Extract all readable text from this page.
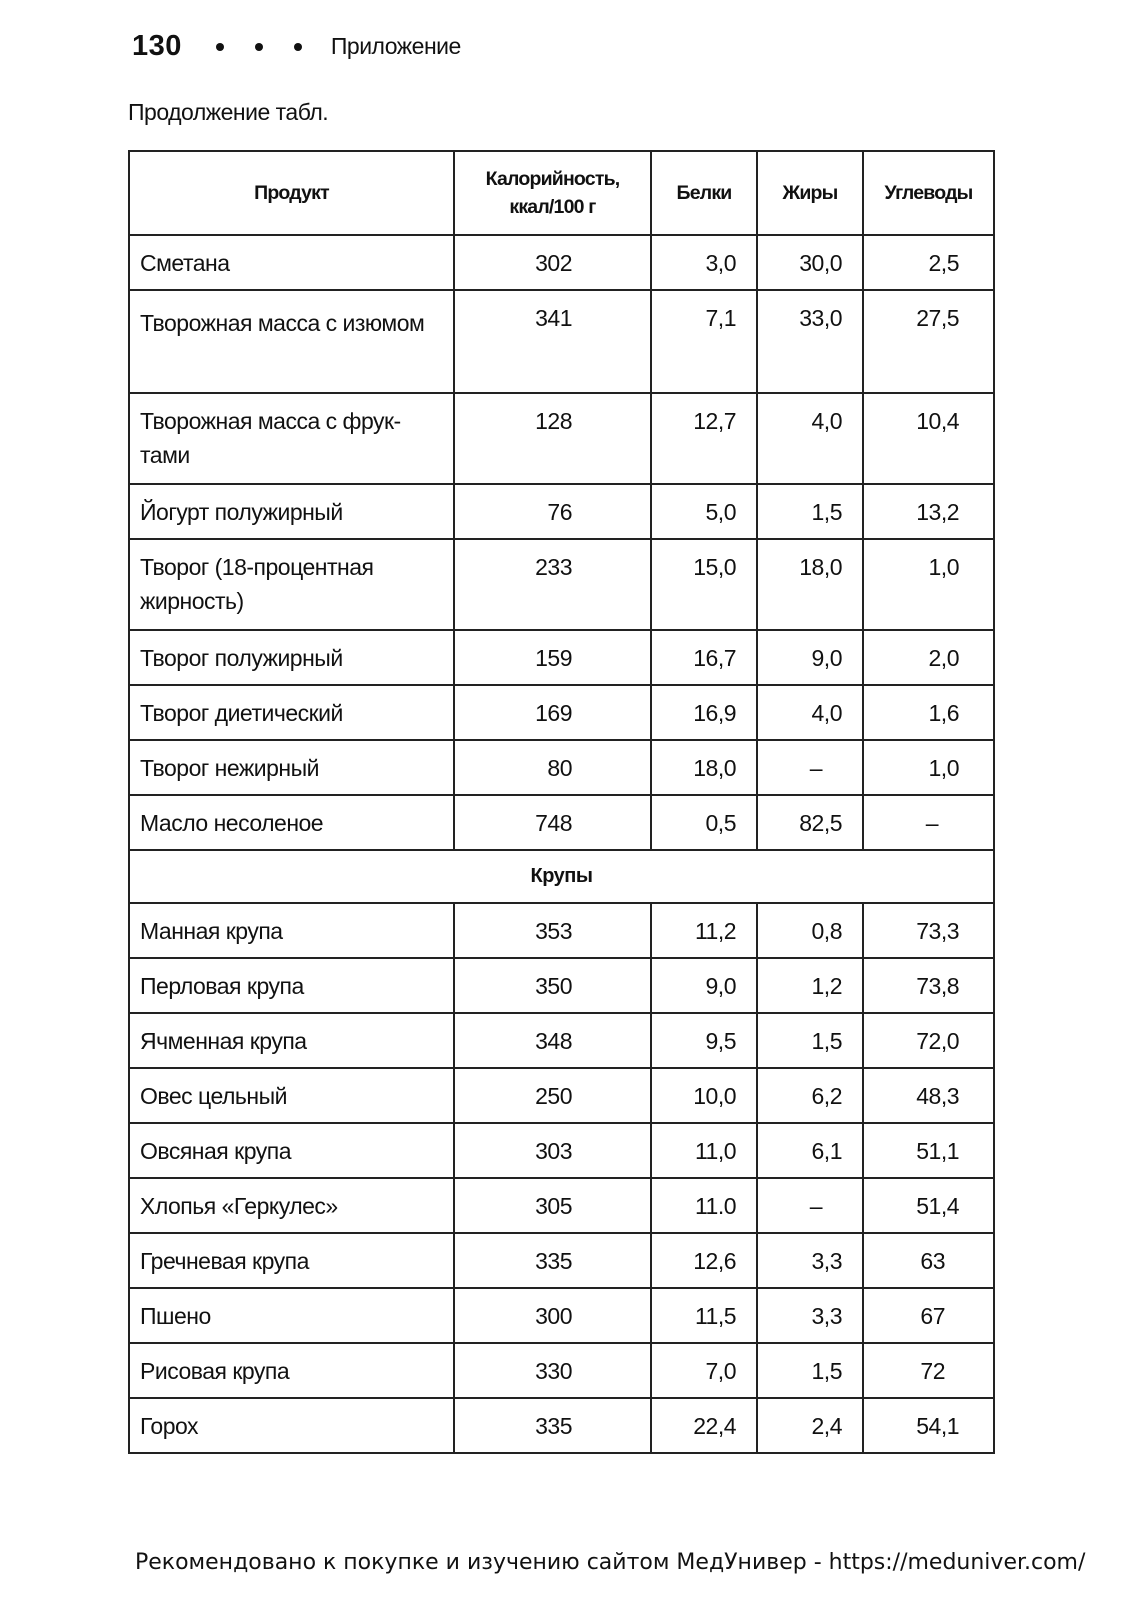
130	Приложение
Продолжение табл.
Продукт	Калорийность, ккал/100 г	Белки	Жиры	Углеводы
Сметана	302	3,0	30,0	2,5
Творожная масса с изюмом	341	7,1	33,0	27,5
Творожная масса с фрук-тами	128	12,7	4,0	10,4
Йогурт полужирный	76	5,0	1,5	13,2
Творог (18-процентная жирность)	233	15,0	18,0	1,0
Творог полужирный	159	16,7	9,0	2,0
Творог диетический	169	16,9	4,0	1,6
Творог нежирный	80	18,0	–	1,0
Масло несоленое	748	0,5	82,5	–
Крупы				
Манная крупа	353	11,2	0,8	73,3
Перловая крупа	350	9,0	1,2	73,8
Ячменная крупа	348	9,5	1,5	72,0
Овес цельный	250	10,0	6,2	48,3
Овсяная крупа	303	11,0	6,1	51,1
Хлопья «Геркулес»	305	11.0	–	51,4
Гречневая крупа	335	12,6	3,3	63
Пшено	300	11,5	3,3	67
Рисовая крупа	330	7,0	1,5	72
Горох	335	22,4	2,4	54,1
Рекомендовано к покупке и изучению сайтом МедУнивер - https://meduniver.com/
